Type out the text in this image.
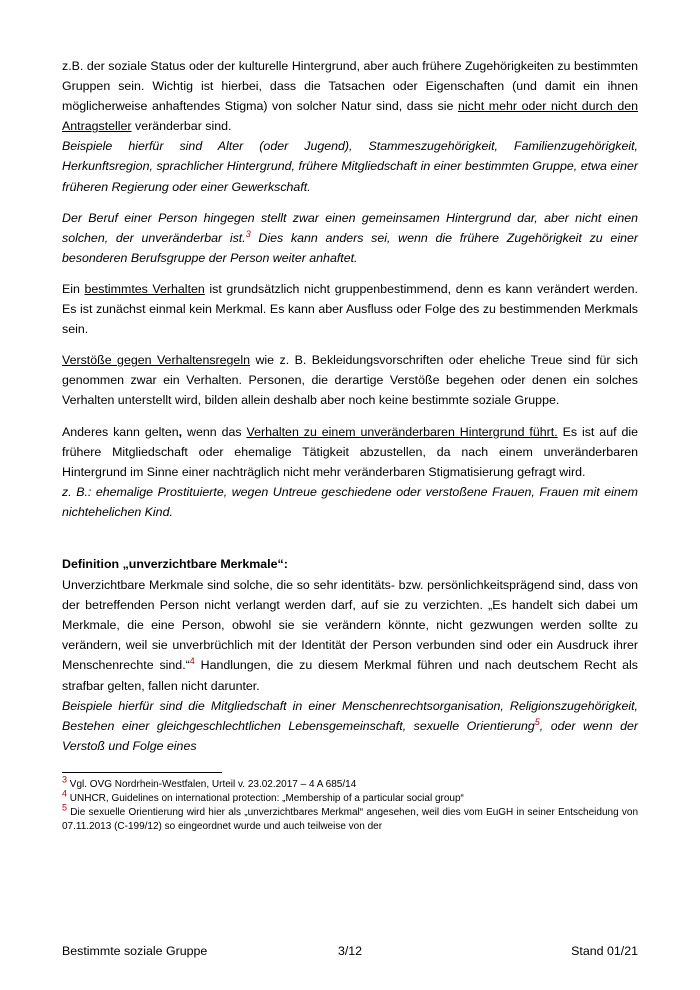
z.B. der soziale Status oder der kulturelle Hintergrund, aber auch frühere Zugehörigkeiten zu bestimmten Gruppen sein. Wichtig ist hierbei, dass die Tatsachen oder Eigenschaften (und damit ein ihnen möglicherweise anhaftendes Stigma) von solcher Natur sind, dass sie nicht mehr oder nicht durch den Antragsteller veränderbar sind.

Beispiele hierfür sind Alter (oder Jugend), Stammeszugehörigkeit, Familienzugehörigkeit, Herkunftsregion, sprachlicher Hintergrund, frühere Mitgliedschaft in einer bestimmten Gruppe, etwa einer früheren Regierung oder einer Gewerkschaft.

Der Beruf einer Person hingegen stellt zwar einen gemeinsamen Hintergrund dar, aber nicht einen solchen, der unveränderbar ist.$^3$ Dies kann anders sei, wenn die frühere Zugehörigkeit zu einer besonderen Berufsgruppe der Person weiter anhaftet.

Ein bestimmtes Verhalten ist grundsätzlich nicht gruppenbestimmend, denn es kann verändert werden. Es ist zunächst einmal kein Merkmal. Es kann aber Ausfluss oder Folge des zu bestimmenden Merkmals sein.

Verstöße gegen Verhaltensregeln wie z. B. Bekleidungsvorschriften oder eheliche Treue sind für sich genommen zwar ein Verhalten. Personen, die derartige Verstöße begehen oder denen ein solches Verhalten unterstellt wird, bilden allein deshalb aber noch keine bestimmte soziale Gruppe.

Anderes kann gelten, wenn das Verhalten zu einem unveränderbaren Hintergrund führt. Es ist auf die frühere Mitgliedschaft oder ehemalige Tätigkeit abzustellen, da nach einem unveränderbaren Hintergrund im Sinne einer nachträglich nicht mehr veränderbaren Stigmatisierung gefragt wird.

z. B.: ehemalige Prostituierte, wegen Untreue geschiedene oder verstoßene Frauen, Frauen mit einem nichtehelichen Kind.

Definition „unverzichtbare Merkmale“:

Unverzichtbare Merkmale sind solche, die so sehr identitäts- bzw. persönlichkeitsprägend sind, dass von der betreffenden Person nicht verlangt werden darf, auf sie zu verzichten. „Es handelt sich dabei um Merkmale, die eine Person, obwohl sie sie verändern könnte, nicht gezwungen werden sollte zu verändern, weil sie unverbrüchlich mit der Identität der Person verbunden sind oder ein Ausdruck ihrer Menschenrechte sind.“$^4$ Handlungen, die zu diesem Merkmal führen und nach deutschem Recht als strafbar gelten, fallen nicht darunter.

Beispiele hierfür sind die Mitgliedschaft in einer Menschenrechtsorganisation, Religionszugehörigkeit, Bestehen einer gleichgeschlechtlichen Lebensgemeinschaft, sexuelle Orientierung$^5$, oder wenn der Verstoß und Folge eines

3 Vgl. OVG Nordrhein-Westfalen, Urteil v. 23.02.2017 – 4 A 685/14
4 UNHCR, Guidelines on international protection: „Membership of a particular social group“
5 Die sexuelle Orientierung wird hier als „unverzichtbares Merkmal“ angesehen, weil dies vom EuGH in seiner Entscheidung von 07.11.2013 (C-199/12) so eingeordnet wurde und auch teilweise von der
Bestimmte soziale Gruppe	3/12	Stand 01/21
